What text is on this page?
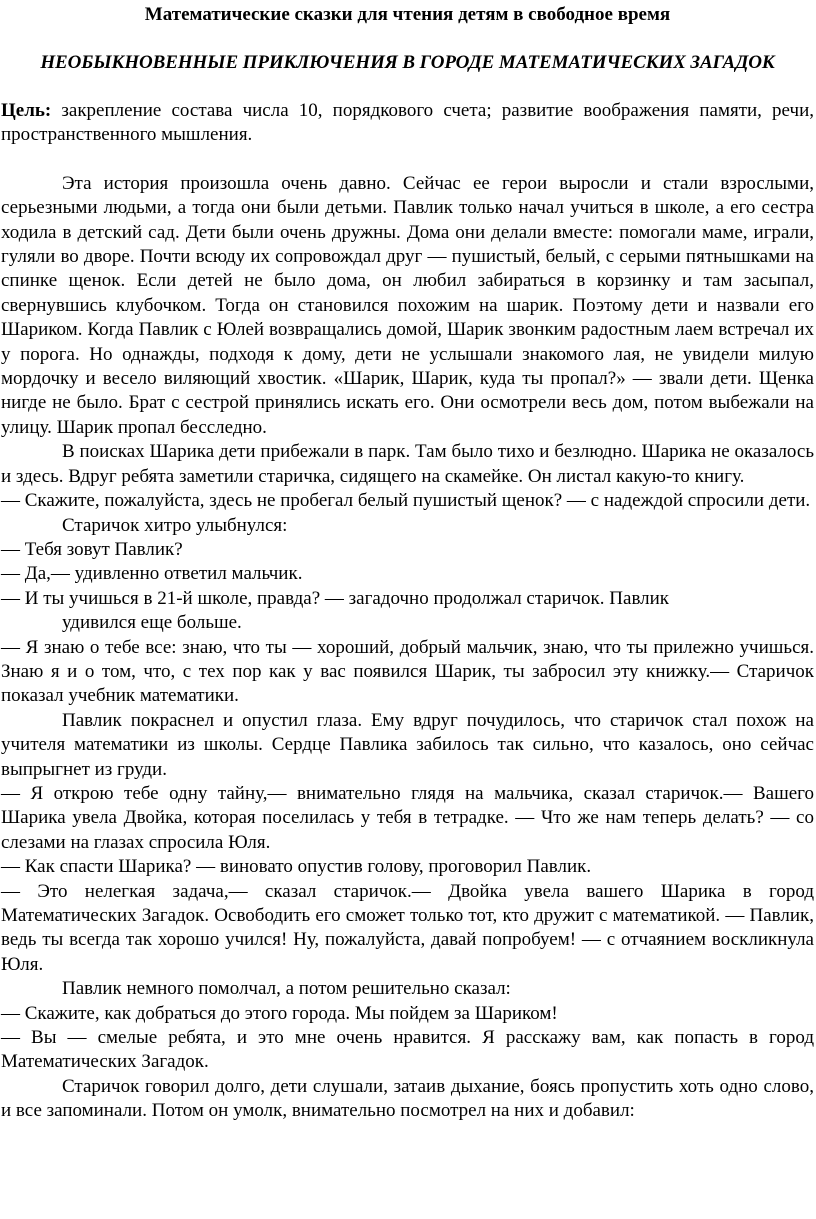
Математические сказки для чтения детям в свободное время
НЕОБЫКНОВЕННЫЕ ПРИКЛЮЧЕНИЯ В ГОРОДЕ МАТЕМАТИЧЕСКИХ ЗАГАДОК

Цель: закрепление состава числа 10, порядкового счета; развитие воображения памяти, речи, пространственного мышления.

Эта история произошла очень давно. Сейчас ее герои выросли и стали взрослыми, серьезными людьми, а тогда они были детьми. Павлик только начал учиться в школе, а его сестра ходила в детский сад. Дети были очень дружны. Дома они делали вместе: помогали маме, играли, гуляли во дворе. Почти всюду их сопровождал друг — пушистый, белый, с серыми пятнышками на спинке щенок. Если детей не было дома, он любил забираться в корзинку и там засыпал, свернувшись клубочком. Тогда он становился похожим на шарик. Поэтому дети и назвали его Шариком. Когда Павлик с Юлей возвращались домой, Шарик звонким радостным лаем встречал их у порога. Но однажды, подходя к дому, дети не услышали знакомого лая, не увидели милую мордочку и весело виляющий хвостик. «Шарик, Шарик, куда ты пропал?» — звали дети. Щенка нигде не было. Брат с сестрой принялись искать его. Они осмотрели весь дом, потом выбежали на улицу. Шарик пропал бесследно.

В поисках Шарика дети прибежали в парк. Там было тихо и безлюдно. Шарика не оказалось и здесь. Вдруг ребята заметили старичка, сидящего на скамейке. Он листал какую-то книгу.

— Скажите, пожалуйста, здесь не пробегал белый пушистый щенок? — с надеждой спросили дети.

Старичок хитро улыбнулся:

— Тебя зовут Павлик?

— Да,— удивленно ответил мальчик.

— И ты учишься в 21-й школе, правда? — загадочно продолжал старичок. Павлик

удивился еще больше.

— Я знаю о тебе все: знаю, что ты — хороший, добрый мальчик, знаю, что ты прилежно учишься. Знаю я и о том, что, с тех пор как у вас появился Шарик, ты забросил эту книжку.— Старичок показал учебник математики.

Павлик покраснел и опустил глаза. Ему вдруг почудилось, что старичок стал похож на учителя математики из школы. Сердце Павлика забилось так сильно, что казалось, оно сейчас выпрыгнет из груди.

— Я открою тебе одну тайну,— внимательно глядя на мальчика, сказал старичок.— Вашего Шарика увела Двойка, которая поселилась у тебя в тетрадке. — Что же нам теперь делать? — со слезами на глазах спросила Юля.

— Как спасти Шарика? — виновато опустив голову, проговорил Павлик.

— Это нелегкая задача,— сказал старичок.— Двойка увела вашего Шарика в город Математических Загадок. Освободить его сможет только тот, кто дружит с математикой. — Павлик, ведь ты всегда так хорошо учился! Ну, пожалуйста, давай попробуем! — с отчаянием воскликнула Юля.

Павлик немного помолчал, а потом решительно сказал:

— Скажите, как добраться до этого города. Мы пойдем за Шариком!

— Вы — смелые ребята, и это мне очень нравится. Я расскажу вам, как попасть в город Математических Загадок.

Старичок говорил долго, дети слушали, затаив дыхание, боясь пропустить хоть одно слово, и все запоминали. Потом он умолк, внимательно посмотрел на них и добавил:
